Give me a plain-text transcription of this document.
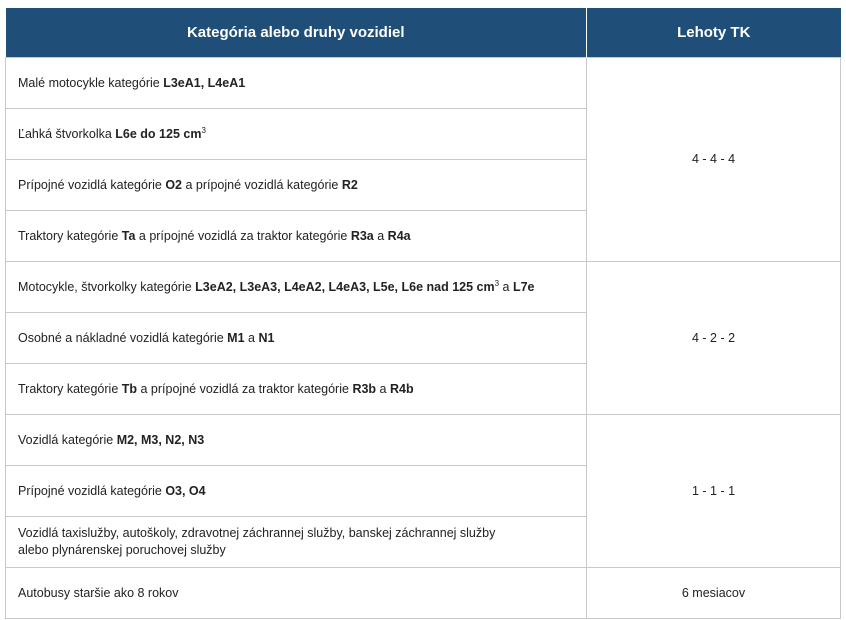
Kategória alebo druhy vozidiel	Lehoty TK
Malé motocykle kategórie L3eA1, L4eA1	4 - 4 - 4
Ľahká štvorkolka L6e do 125 $cm^3$
Prípojné vozidlá kategórie O2 a prípojné vozidlá kategórie R2	
Traktory kategórie Ta a prípojné vozidlá za traktor kategórie R3a a R4a	
Motocykle, štvorkolky kategórie L3eA2, L3eA3, L4eA2, L4eA3, L5e, L6e nad 125 $cm^3$ a L7e	4 - 2 - 2
Osobné a nákladné vozidlá kategórie M1 a N1	
Traktory kategórie Tb a prípojné vozidlá za traktor kategórie R3b a R4b	
Vozidlá kategórie M2, M3, N2, N3	1 - 1 - 1
Prípojné vozidlá kategórie O3, O4	
Vozidlá taxislužby, autoškoly, zdravotnej záchrannej služby, banskej záchrannej služby
alebo plynárenskej poruchovej služby	
Autobusy staršie ako 8 rokov	6 mesiacov
